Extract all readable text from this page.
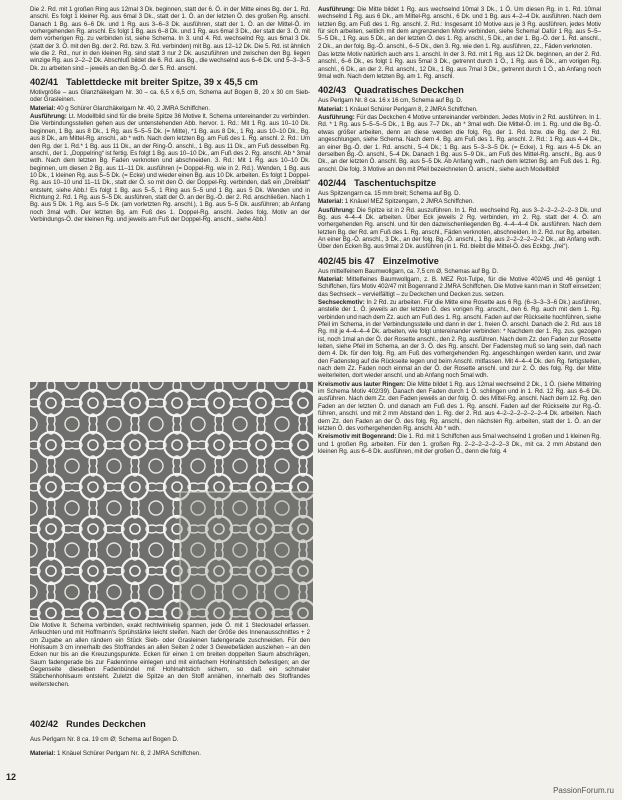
Die 2. Rd. mit 1 großen Ring aus 12mal 3 Dk. beginnen, statt der 6. Ö. in der Mitte eines Bg. der 1. Rd. anschl. Es folgt 1 kleiner Rg. aus 6mal 3 Dk., statt der 1. Ö. an der letzten Ö. des großen Rg. anschl. Danach 1 Bg. aus 6–6 Dk. und 1 Rg. aus 3–6–3 Dk. ausführen, statt der 1. Ö. an der Mittel-Ö. im vorhergehenden Rg. anschl. Es folgt 1 Bg. aus 6–8 Dk. und 1 Rg. aus 6mal 3 Dk., der statt der 3. Ö. mit dem vorherigen Rg. zu verbinden ist, siehe Schema. In 3. und 4. Rd. wechselnd Rg. aus 6mal 3 Dk. (statt der 3. Ö. mit den Bg. der 2. Rd. bzw. 3. Rd. verbinden) mit Bg. aus 12–12 Dk. Die 5. Rd. ist ähnlich wie die 2. Rd., nur in den kleinen Rg. sind statt 3 nur 2 Dk. auszuführen und zwischen den Bg. liegen winzige Rg. aus 2–2–2 Dk. Abschluß bildet die 6. Rd. aus Bg., die wechselnd aus 6–6 Dk. und 5–3–3–5 Dk. zu arbeiten sind – jeweils an den Bg.-Ö. der 5. Rd. anschl.

402/41 Tablettdecke mit breiter Spitze, 39 x 45,5 cm

Motivgröße – aus Glanzhäkelgarn Nr. 30 – ca. 6,5 x 6,5 cm, Schema auf Bogen B, 20 x 30 cm Sieb- oder Grasleinen.

Material: 40 g Schürer Glanzhäkelgarn Nr. 40, 2 JMRA Schiffchen.

Ausführung: Lt. Modellbild sind für die breite Spitze 36 Motive lt. Schema untereinander zu verbinden. Die Verbindungsstellen gehen aus der untenstehenden Abb. hervor. 1. Rd.: Mit 1 Rg. aus 10–10 Dk. beginnen, 1 Bg. aus 8 Dk., 1 Rg. aus 5–5–5 Dk. (= Mitte), *1 Bg. aus 8 Dk., 1 Rg. aus 10–10 Dk., Bg. aus 8 Dk., am Mittel-Rg. anschl., ab * wdh. Nach dem letzten Bg. am Fuß des 1. Rg. anschl. 2. Rd.: Um den Rg. der 1. Rd.* 1 Bg. aus 11 Dk., an der Ring-Ö. anschl., 1 Bg. aus 11 Dk., am Fuß desselben Rg. anschl., der 1. „Doppelring“ ist fertig. Es folgt 1 Bg. aus 10–10 Dk., am Fuß des 2. Rg. anschl. Ab * 3mal wdh. Nach dem letzten Bg. Faden verknoten und abschneiden. 3. Rd.: Mit 1 Rg. aus 10–10 Dk. beginnen, um diesen 2 Bg. aus 11–11 Dk. ausführen (= Doppel-Rg. wie in 2. Rd.). Wenden, 1 Bg. aus 10 Dk., 1 kleinen Rg. aus 5–5 Dk. (= Ecke) und wieder einen Bg. aus 10 Dk. arbeiten. Es folgt 1 Doppel-Rg. aus 10–10 und 11–11 Dk., statt der Ö. so mit den Ö. der Doppel-Rg. verbinden, daß ein „Dreiblatt“ entsteht, siehe Abb.! Es folgt 1 Bg. aus 5–5, 1 Ring aus 5–5 und 1 Bg. aus 5 Dk. Wenden und in Richtung 2. Rd. 1 Rg. aus 5–5 Dk. ausführen, statt der Ö. an der Bg.-Ö. der 2. Rd. anschließen. Nach 1 Bg. aus 5 Dk. 1 Rg. aus 5–5 Dk. (am vorletzten Rg. anschl.), 1 Bg. aus 5–5 Dk. ausführen; ab Anfang noch 3mal wdh. Der letzten Bg. am Fuß des 1. Doppel-Rg. anschl. Jedes folg. Motiv an der Verbindungs-Ö. der kleinen Rg. und jeweils am Fuß der Doppel-Rg. anschl., siehe Abb.!

Die Motive lt. Schema verbinden, exakt rechtwinkelig spannen, jede Ö. mit 1 Stecknadel erfassen. Anfeuchten und mit Hoffmann's Sprühstärke leicht steifen. Nach der Größe des Innenausschnittes + 2 cm Zugabe an allen rändern ein Stück Sieb- oder Grasleinen fadengerade zuschneiden. Für den Hohlsaum 3 cm innerhalb des Stoffrandes an allen Seiten 2 oder 3 Gewebefäden ausziehen – an den Ecken nur bis an die Kreuzungspunkte. Ecken für einen 1 cm breiten doppelten Saum abschrägen, Saum fadengerade bis zur Fadenrinne einlegen und mit einfachem Hohlnahtstich befestigen; an der Gegenseite dieselben Fadenbündel mit Hohlnahtstich sichern, so daß ein schmaler Stäbchenhohlsaum entsteht. Zuletzt die Spitze an den Stoff annähen, innerhalb des Stoffrandes weiterstechen.

402/42 Rundes Deckchen

Aus Perlgarn Nr. 8 ca. 19 cm Ø; Schema auf Bogen D.

Material: 1 Knäuel Schürer Perlgarn Nr. 8, 2 JMRA Schiffchen.

Ausführung: Die Mitte bildet 1 Rg. aus wechselnd 10mal 3 Dk., 1 Ö. Um diesen Rg. in 1. Rd. 10mal wechselnd 1 Rg. aus 6 Dk., am Mittel-Rg. anschl., 6 Dk. und 1 Bg. aus 4–2–4 Dk. ausführen. Nach dem letzten Bg. am Fuß des 1. Rg. anschl. 2. Rd.: Insgesamt 10 Motive aus je 3 Rg. ausführen, jedes Motiv für sich arbeiten, seitlich mit dem angrenzenden Motiv verbinden, siehe Schema! Dafür 1 Rg. aus 5–5–5–5 Dk., 1 Rg. aus 5 Dk., an der letzten Ö. des 1. Rg. anschl., 5 Dk., an der 1. Bg.-Ö. der 1. Rd. anschl., 2 Dk., an der folg. Bg.-Ö. anschl., 6–5 Dk., den 3. Rg. wie den 1. Rg. ausführen, zz., Fäden verknoten.

Das letzte Motiv natürlich auch ans 1. anschl. In der 3. Rd. mit 1 Rg. aus 12 Dk. beginnen, an der 2. Rd. anschl., 6–6 Dk., es folgt 1 Rg. aus 5mal 3 Dk., getrennt durch 1 Ö., 1 Rg. aus 6 Dk., am vorigen Rg. anschl., 6 Dk., an der 2. Rd. anschl., 12 Dk., 1 Bg. aus 7mal 3 Dk., getrennt durch 1 Ö., ab Anfang noch 9mal wdh. Nach dem letzten Bg. am 1. Rg. anschl.

402/43 Quadratisches Deckchen

Aus Perlgarn Nr. 8 ca. 16 x 16 cm, Schema auf Bg. D.

Material: 1 Knäuel Schürer Perlgarn 8, 2 JMRA Schiffchen.

Ausführung: Für das Deckchen 4 Motive untereinander verbinden. Jedes Motiv in 2 Rd. ausführen. In 1. Rd. * 1 Rg. aus 5–5–5–5 Dk., 1 Bg. aus 7–7 Dk., ab * 3mal wdh. Die Mittel-Ö. im 1. Rg. und die Bg.-Ö. etwas größer arbeiten, denn an diese werden die folg. Rg. der 1. Rd. bzw. die Bg. der 2. Rd. angeschlungen, siehe Schema. Nach dem 4. Bg. am Fuß des 1. Rg. anschl. 2. Rd.: 1 Rg. aus 4–4 Dk., an einer Bg.-Ö. der 1. Rd. anschl., 5–4 Dk.; 1 Bg. aus 5–3–3–5 Dk. (= Ecke), 1 Rg. aus 4–5 Dk. an derselben Bg.-Ö. anschl., 5–4 Dk. Danach 1 Bg. aus 5–9 Dk., am Fuß des Mittel-Rg. anschl., Bg. aus 9 Dk., an der letzten Ö. anschl. Bg. aus 5–5 Dk. Ab Anfang wdh., nach dem letzten Bg. am Fuß des 1. Rg. anschl. Die folg. 3 Motive an den mit Pfeil bezeichneten Ö. anschl., siehe auch Modellbild!

402/44 Taschentuchspitze

Aus Spitzengarn ca. 15 mm breit; Schema auf Bg. D.

Material: 1 Knäuel MEZ Spitzengarn, 2 JMRA Schiffchen.

Ausführung: Die Spitze ist in 2 Rd. auszuführen. In 1. Rd. wechselnd Rg. aus 3–2–2–2–2–2–3 Dk. und Bg. aus 4–4–4 Dk. arbeiten. Über Eck jeweils 2 Rg. verbinden, im 2. Rg. statt der 4. Ö. am vorhergehenden Rg. anschl. und für den dazwischenliegenden Bg. 4–4–4–4 Dk. ausführen. Nach dem letzten Bg. der Rd. am Fuß des 1. Rg. anschl., Fäden verknoten, abschneiden. In 2. Rd. nur Bg. arbeiten. An einer Bg.-Ö. anschl., 3 Dk., an der folg. Bg.-Ö. anschl., 1 Bg. aus 2–2–2–2–2–2 Dk., ab Anfang wdh. Über den Ecken Bg. aus 9mal 2 Dk. ausführen (in 1. Rd. bleibt die Mittel-Ö. des Eckbg. „frei“).

402/45 bis 47 Einzelmotive

Aus mittelfeinem Baumwollgarn, ca. 7,5 cm Ø, Schemas auf Bg. D.

Material: Mittelfeines Baumwollgarn, z. B. MEZ Rot-Tulpe, für die Motive 402/45 und 46 genügt 1 Schiffchen, fürs Motiv 402/47 mit Bogenrand 2 JMRA Schiffchen. Die Motive kann man in Stoff einsetzen; das Sechseck – vervielfältigt – zu Deckchen und Decken zus. setzen.

Sechseckmotiv: In 2 Rd. zu arbeiten. Für die Mitte eine Rosette aus 6 Rg. (6–3–3–3–6 Dk.) ausführen, anstelle der 1. Ö. jeweils an der letzten Ö. des vorigen Rg. anschl., den 6. Rg. auch mit dem 1. Rg. verbinden und nach dem Zz. auch am Fuß des 1. Rg. anschl. Faden auf der Rückseite hochführen, siehe Pfeil im Schema, in der Verbindungsstelle und dann in der 1. freien Ö. anschl. Danach die 2. Rd. aus 18 Rg. mit je 4–4–4–4 Dk. arbeiten, wie folgt untereinander verbinden: * Nachdem der 1. Rg. zus. gezogen ist, noch 1mal an der Ö. der Rosette anschl., den 2. Rg. ausführen. Nach dem Zz. den Faden zur Rosette leiten, siehe Pfeil im Schema, an der 3. Ö. des Rg. anschl. Der Fadensteg muß so lang sein, daß nach dem 4. Dk. für den folg. Rg. am Fuß des vorhergehenden Rg. angeschlungen werden kann, und zwar den Fadensteg auf die Rückseite legen und beim Anschl. mitfassen. Mit 4–4–4 Dk. den Rg. fertigstellen, nach dem Zz. Faden noch einmal an der Ö. der Rosette anschl. und zur 2. Ö. des folg. Rg. der Mitte weiterleiten, dort wieder anschl. und ab Anfang noch 5mal wdh.

Kreismotiv aus lauter Ringen: Die Mitte bildet 1 Rg. aus 12mal wechselnd 2 Dk., 1 Ö. (siehe Mittelring im Schema Motiv 402/39). Danach den Faden durch 1 Ö. schlingen und in 1. Rd. 12 Rg. aus 6–6 Dk. ausführen. Nach dem Zz. den Faden jeweils an der folg. Ö. des Mittel-Rg. anschl. Nach dem 12. Rg. den Faden an der letzten Ö. und danach am Fuß des 1. Rg. anschl. Faden auf der Rückseite zur Rg.-Ö. führen, anschl. und mit 2 mm Abstand den 1. Rg. der 2. Rd. aus 4–2–2–2–2–2–2–4 Dk. arbeiten. Nach dem Zz. den Faden an der Ö. des folg. Rg. anschl., den nächsten Rg. arbeiten, statt der 1. Ö. an der letzten Ö. des vorhergehenden Rg. anschl. Ab * wdh.

Kreismotiv mit Bogenrand: Die 1. Rd. mit 1 Schiffchen aus 5mal wechselnd 1 großen und 1 kleinen Rg. und 1 großen Rg. arbeiten. Für den 1. großen Rg. 2–2–2–2–2–2–3 Dk., mit ca. 2 mm Abstand den kleinen Rg. aus 6–6 Dk. ausführen, mit der großen Ö., denn die folg. 4

12
PassionForum.ru
